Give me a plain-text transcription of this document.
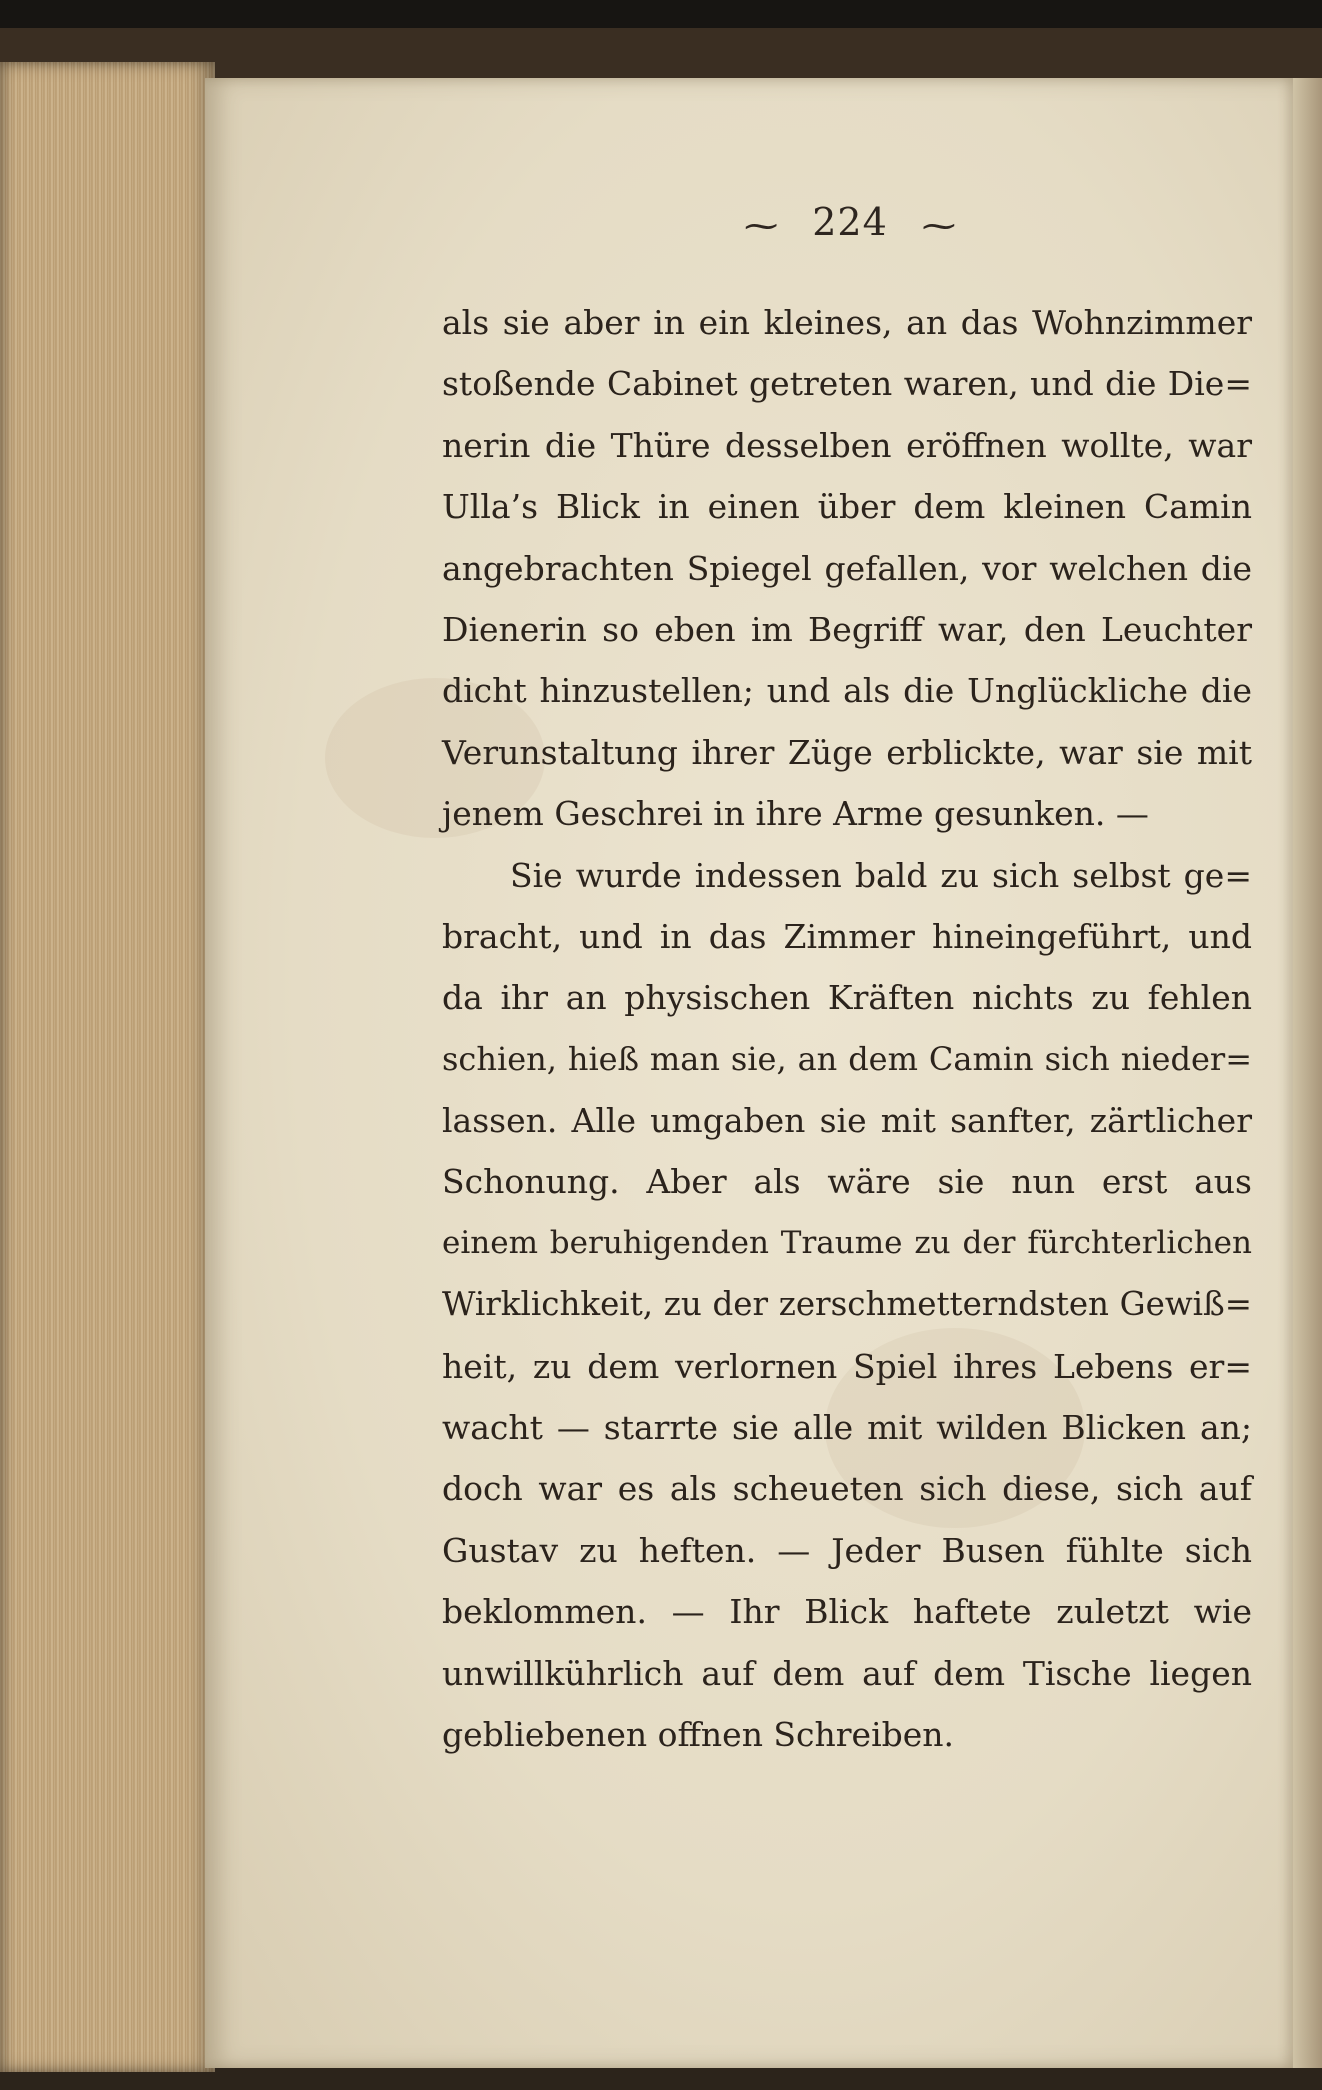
⁓ 224 ⁓
als sie aber in ein kleines, an das Wohnzimmer
stoßende Cabinet getreten waren, und die Die=
nerin die Thüre desselben eröffnen wollte, war
Ulla’s Blick in einen über dem kleinen Camin
angebrachten Spiegel gefallen, vor welchen die
Dienerin so eben im Begriff war, den Leuchter
dicht hinzustellen; und als die Unglückliche die
Verunstaltung ihrer Züge erblickte, war sie mit
jenem Geschrei in ihre Arme gesunken. —
Sie wurde indessen bald zu sich selbst ge=
bracht, und in das Zimmer hineingeführt, und
da ihr an physischen Kräften nichts zu fehlen
schien, hieß man sie, an dem Camin sich nieder=
lassen. Alle umgaben sie mit sanfter, zärtlicher
Schonung. Aber als wäre sie nun erst aus
einem beruhigenden Traume zu der fürchterlichen
Wirklichkeit, zu der zerschmetterndsten Gewiß=
heit, zu dem verlornen Spiel ihres Lebens er=
wacht — starrte sie alle mit wilden Blicken an;
doch war es als scheueten sich diese, sich auf
Gustav zu heften. — Jeder Busen fühlte sich
beklommen. — Ihr Blick haftete zuletzt wie
unwillkührlich auf dem auf dem Tische liegen
gebliebenen offnen Schreiben.
